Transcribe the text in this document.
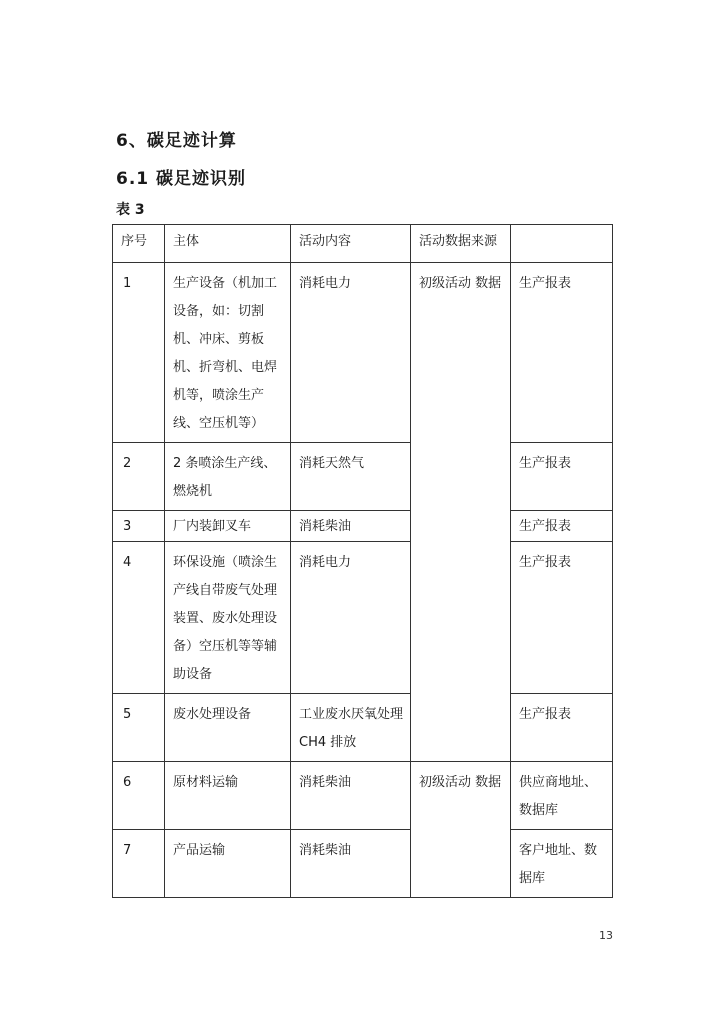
6、碳足迹计算
6.1 碳足迹识别
表 3
序号	主体	活动内容	活动数据来源	
1	生产设备（机加工设备，如：切割机、冲床、剪板机、折弯机、电焊机等，喷涂生产线、空压机等）	消耗电力	初级活动 数据	生产报表
2	2 条喷涂生产线、燃烧机	消耗天然气		生产报表
3	厂内装卸叉车	消耗柴油		生产报表
4	环保设施（喷涂生产线自带废气处理装置、废水处理设备）空压机等等辅助设备	消耗电力		生产报表
5	废水处理设备	工业废水厌氧处理 CH4 排放		生产报表
6	原材料运输	消耗柴油	初级活动 数据	供应商地址、数据库
7	产品运输	消耗柴油		客户地址、数据库
13
